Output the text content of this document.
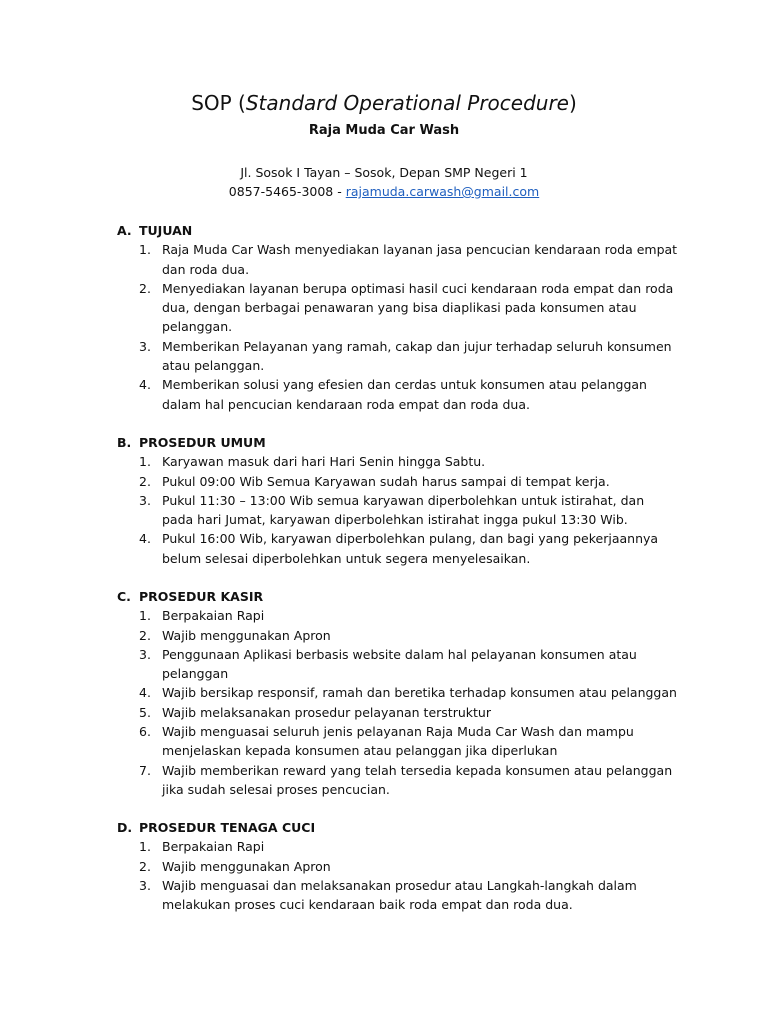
SOP (Standard Operational Procedure)

Raja Muda Car Wash

Jl. Sosok I Tayan – Sosok, Depan SMP Negeri 1

0857-5465-3008 - rajamuda.carwash@gmail.com

A. TUJUAN
1. Raja Muda Car Wash menyediakan layanan jasa pencucian kendaraan roda empat
dan roda dua.
2. Menyediakan layanan berupa optimasi hasil cuci kendaraan roda empat dan roda
dua, dengan berbagai penawaran yang bisa diaplikasi pada konsumen atau
pelanggan.
3. Memberikan Pelayanan yang ramah, cakap dan jujur terhadap seluruh konsumen
atau pelanggan.
4. Memberikan solusi yang efesien dan cerdas untuk konsumen atau pelanggan
dalam hal pencucian kendaraan roda empat dan roda dua.
B. PROSEDUR UMUM
1. Karyawan masuk dari hari Hari Senin hingga Sabtu.
2. Pukul 09:00 Wib Semua Karyawan sudah harus sampai di tempat kerja.
3. Pukul 11:30 – 13:00 Wib semua karyawan diperbolehkan untuk istirahat, dan
pada hari Jumat, karyawan diperbolehkan istirahat ingga pukul 13:30 Wib.
4. Pukul 16:00 Wib, karyawan diperbolehkan pulang, dan bagi yang pekerjaannya
belum selesai diperbolehkan untuk segera menyelesaikan.
C. PROSEDUR KASIR
1. Berpakaian Rapi
2. Wajib menggunakan Apron
3. Penggunaan Aplikasi berbasis website dalam hal pelayanan konsumen atau
pelanggan
4. Wajib bersikap responsif, ramah dan beretika terhadap konsumen atau pelanggan
5. Wajib melaksanakan prosedur pelayanan terstruktur
6. Wajib menguasai seluruh jenis pelayanan Raja Muda Car Wash dan mampu
menjelaskan kepada konsumen atau pelanggan jika diperlukan
7. Wajib memberikan reward yang telah tersedia kepada konsumen atau pelanggan
jika sudah selesai proses pencucian.
D. PROSEDUR TENAGA CUCI
1. Berpakaian Rapi
2. Wajib menggunakan Apron
3. Wajib menguasai dan melaksanakan prosedur atau Langkah-langkah dalam
melakukan proses cuci kendaraan baik roda empat dan roda dua.
